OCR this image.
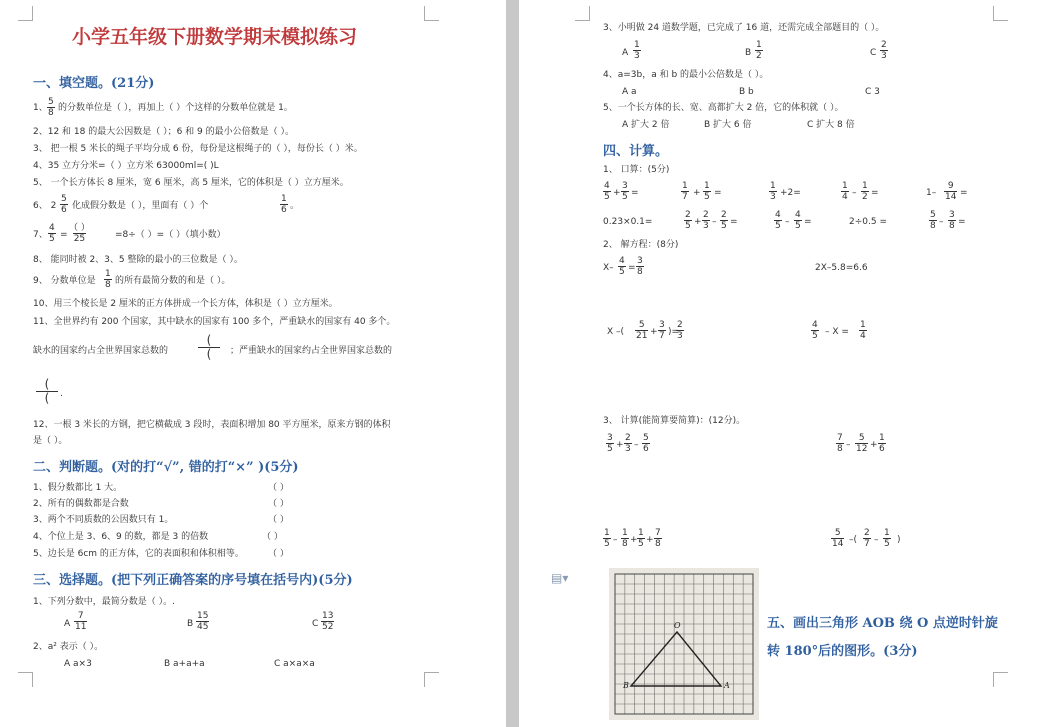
小学五年级下册数学期末模拟练习
一、填空题。(21分)
1、 $\frac{5}{8}$ 的分数单位是（ ），再加上（ ）个这样的分数单位就是 1。
2、12 和 18 的最大公因数是（ ）；6 和 9 的最小公倍数是（ ）。
3、 把一根 5 米长的绳子平均分成 6 份，每份是这根绳子的（ ），每份长（ ）米。
4、35 立方分米=（ ）立方米 63000ml=( )L
5、 一个长方体长 8 厘米，宽 6 厘米，高 5 厘米，它的体积是（ ）立方厘米。
6、 $2 \frac{5}{6}$ 化成假分数是（ ），里面有（ ）个	$\frac{1}{6}$ 。
7、 $\frac{4}{5}$ =
（ ）
25	=8÷（ ）=（ ）（填小数）
8、 能同时被 2、3、5 整除的最小的三位数是（ ）。
9、 分数单位是 $\frac{1}{8}$ 的所有最简分数的和是（ ）。
10、用三个棱长是 2 厘米的正方体拼成一个长方体，体积是（ ）立方厘米。
11、全世界约有 200 个国家，其中缺水的国家有 100 多个，严重缺水的国家有 40 多个。
缺水的国家约占全世界国家总数的
(
( ；严重缺水的国家约占全世界国家总数的
(
( .
12、一根 3 米长的方钢，把它横截成 3 段时，表面积增加 80 平方厘米，原来方钢的体积
是（ ）。
二、判断题。(对的打“√”, 错的打“×” )(5分)
1、假分数都比 1 大。	（ ）
2、所有的偶数都是合数	（ ）
3、两个不同质数的公因数只有 1。	（ ）
4、个位上是 3、6、9 的数，都是 3 的倍数	（ ）
5、边长是 6cm 的正方体，它的表面积和体积相等。	（ ）
三、选择题。(把下列正确答案的序号填在括号内)(5分)
1、下列分数中，最简分数是（ ）。.
A $\frac{7}{11}$	B $\frac{15}{45}$	C $\frac{13}{52}$
2、a² 表示（ ）。
A a×3	B a+a+a	C a×a×a
3、小明做 24 道数学题，已完成了 16 道，还需完成全部题目的（ ）。
A $\frac{1}{3}$	B $\frac{1}{2}$	C $\frac{2}{3}$
4、a=3b，a 和 b 的最小公倍数是（ ）。
A a	B b	C 3
5、一个长方体的长、宽、高都扩大 2 倍，它的体积就（ ）。
A 扩大 2 倍	B 扩大 6 倍	C 扩大 8 倍
四、计算。
1、 口算：(5分)
$\frac{4}{5} + \frac{3}{5}$ =	$\frac{1}{7} + \frac{1}{5}$ =	$\frac{1}{3} +2=$	$\frac{1}{4} - \frac{1}{2}$ =	$1- \frac{9}{14}$ =
0.23×0.1=	$\frac{2}{5} + \frac{2}{3} - \frac{2}{5}$ =	$\frac{4}{5} - \frac{4}{5}$ =	2÷0.5 =	$\frac{5}{8} - \frac{3}{8}$ =
2、 解方程：(8分)
$X- \frac{4}{5} = \frac{3}{8}$	2X–5.8=6.6
X –( $\frac{5}{21} + \frac{3}{7}$ )=
$\frac{2}{3}$	$\frac{4}{5} - X = \frac{1}{4}$
3、 计算(能简算要简算)：(12分)。
$\frac{3}{5} + \frac{2}{3} - \frac{5}{6}$	$\frac{7}{8} - \frac{5}{12} + \frac{1}{6}$
$\frac{1}{5} - \frac{1}{8} + \frac{1}{5} + \frac{7}{8}$	$\frac{5}{14}$ –( $\frac{2}{7} - \frac{1}{5}$ )
▤▾
O
B	A
五、画出三角形 AOB 绕 O 点逆时针旋
转 180°后的图形。(3分)
